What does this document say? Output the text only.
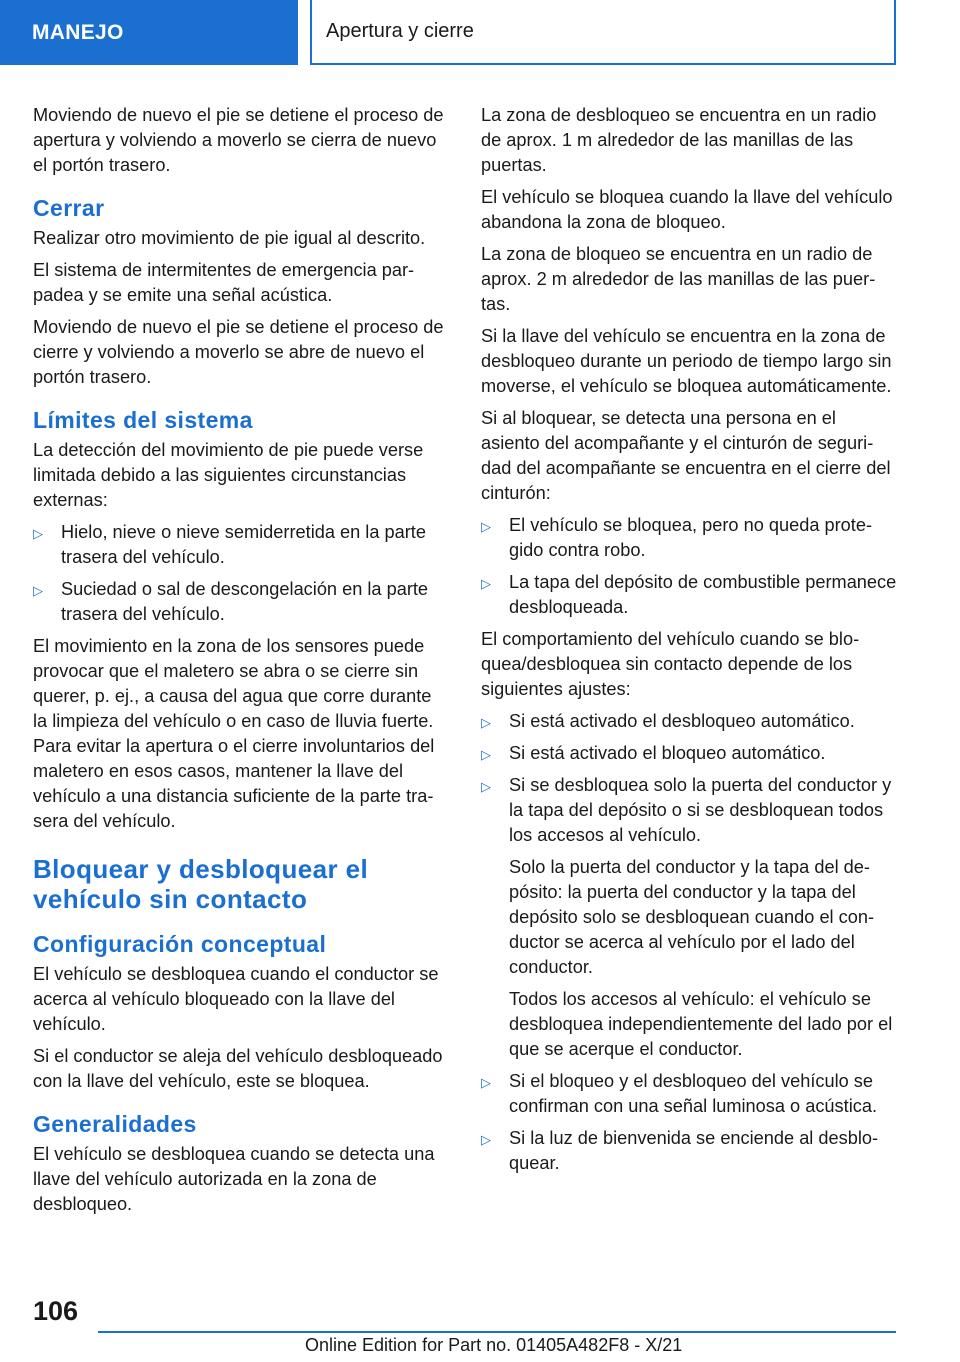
MANEJO	Apertura y cierre

Moviendo de nuevo el pie se detiene el proceso de apertura y volviendo a moverlo se cierra de nuevo el portón trasero.

Cerrar

Realizar otro movimiento de pie igual al descrito.

El sistema de intermitentes de emergencia parpadea y se emite una señal acústica.

Moviendo de nuevo el pie se detiene el proceso de cierre y volviendo a moverlo se abre de nuevo el portón trasero.

Límites del sistema

La detección del movimiento de pie puede verse limitada debido a las siguientes circunstancias externas:

▷ Hielo, nieve o nieve semiderretida en la parte trasera del vehículo.
▷ Suciedad o sal de descongelación en la parte trasera del vehículo.

El movimiento en la zona de los sensores puede provocar que el maletero se abra o se cierre sin querer, p. ej., a causa del agua que corre durante la limpieza del vehículo o en caso de lluvia fuerte. Para evitar la apertura o el cierre involuntarios del maletero en esos casos, mantener la llave del vehículo a una distancia suficiente de la parte trasera del vehículo.

Bloquear y desbloquear el vehículo sin contacto
Configuración conceptual

El vehículo se desbloquea cuando el conductor se acerca al vehículo bloqueado con la llave del vehículo.

Si el conductor se aleja del vehículo desbloqueado con la llave del vehículo, este se bloquea.

Generalidades

El vehículo se desbloquea cuando se detecta una llave del vehículo autorizada en la zona de desbloqueo.

La zona de desbloqueo se encuentra en un radio de aprox. 1 m alrededor de las manillas de las puertas.

El vehículo se bloquea cuando la llave del vehículo abandona la zona de bloqueo.

La zona de bloqueo se encuentra en un radio de aprox. 2 m alrededor de las manillas de las puertas.

Si la llave del vehículo se encuentra en la zona de desbloqueo durante un periodo de tiempo largo sin moverse, el vehículo se bloquea automáticamente.

Si al bloquear, se detecta una persona en el asiento del acompañante y el cinturón de seguridad del acompañante se encuentra en el cierre del cinturón:

▷ El vehículo se bloquea, pero no queda protegido contra robo.
▷ La tapa del depósito de combustible permanece desbloqueada.

El comportamiento del vehículo cuando se bloquea/desbloquea sin contacto depende de los siguientes ajustes:

▷ Si está activado el desbloqueo automático.
▷ Si está activado el bloqueo automático.
▷ Si se desbloquea solo la puerta del conductor y la tapa del depósito o si se desbloquean todos los accesos al vehículo.
Solo la puerta del conductor y la tapa del depósito: la puerta del conductor y la tapa del depósito solo se desbloquean cuando el conductor se acerca al vehículo por el lado del conductor.
Todos los accesos al vehículo: el vehículo se desbloquea independientemente del lado por el que se acerque el conductor.
▷ Si el bloqueo y el desbloqueo del vehículo se confirman con una señal luminosa o acústica.
▷ Si la luz de bienvenida se enciende al desbloquear.
106
Online Edition for Part no. 01405A482F8 - X/21
